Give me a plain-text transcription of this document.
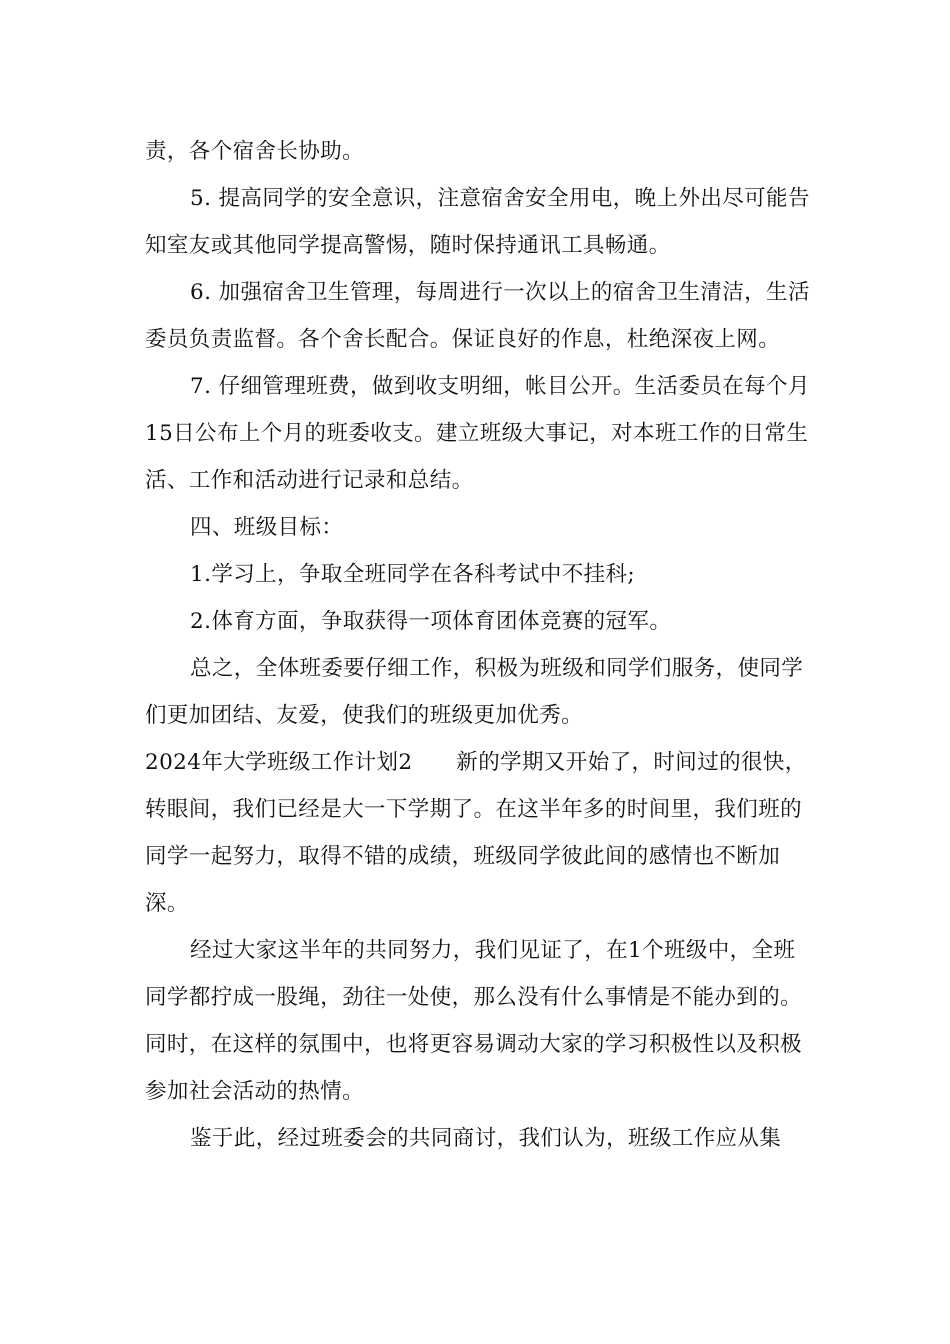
责，各个宿舍长协助。

5. 提高同学的安全意识，注意宿舍安全用电，晚上外出尽可能告知室友或其他同学提高警惕，随时保持通讯工具畅通。

6. 加强宿舍卫生管理，每周进行一次以上的宿舍卫生清洁，生活委员负责监督。各个舍长配合。保证良好的作息，杜绝深夜上网。

7. 仔细管理班费，做到收支明细，帐目公开。生活委员在每个月15日公布上个月的班委收支。建立班级大事记，对本班工作的日常生活、工作和活动进行记录和总结。

四、班级目标：

1.学习上，争取全班同学在各科考试中不挂科;

2.体育方面，争取获得一项体育团体竞赛的冠军。

总之，全体班委要仔细工作，积极为班级和同学们服务，使同学们更加团结、友爱，使我们的班级更加优秀。

2024年大学班级工作计划2　　新的学期又开始了，时间过的很快，转眼间，我们已经是大一下学期了。在这半年多的时间里，我们班的同学一起努力，取得不错的成绩，班级同学彼此间的感情也不断加深。

经过大家这半年的共同努力，我们见证了，在1个班级中，全班同学都拧成一股绳，劲往一处使，那么没有什么事情是不能办到的。同时，在这样的氛围中，也将更容易调动大家的学习积极性以及积极参加社会活动的热情。

鉴于此，经过班委会的共同商讨，我们认为，班级工作应从集
